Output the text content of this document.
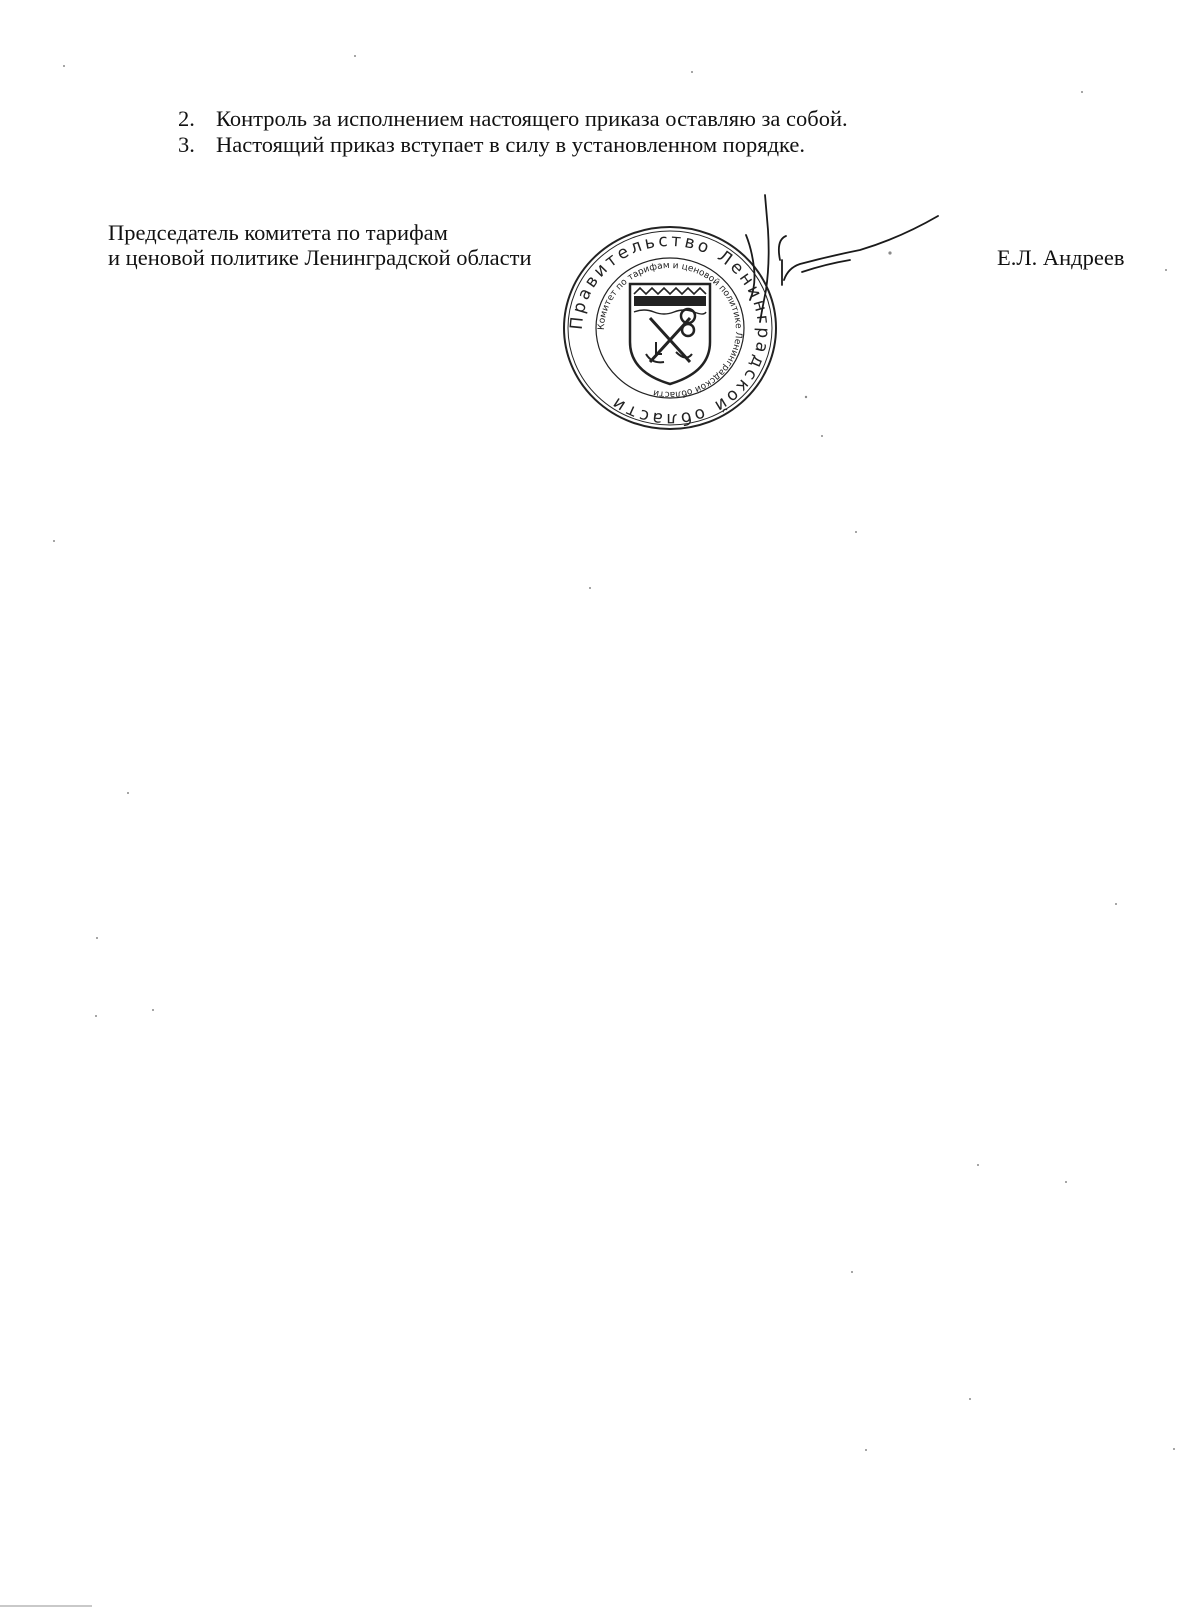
2. Контроль за исполнением настоящего приказа оставляю за собой.
3. Настоящий приказ вступает в силу в установленном порядке.
Председатель комитета по тарифам
и ценовой политике Ленинградской области
Правительство Ленинградской области
Комитет по тарифам и ценовой политике Ленинградской области
Е.Л. Андреев
